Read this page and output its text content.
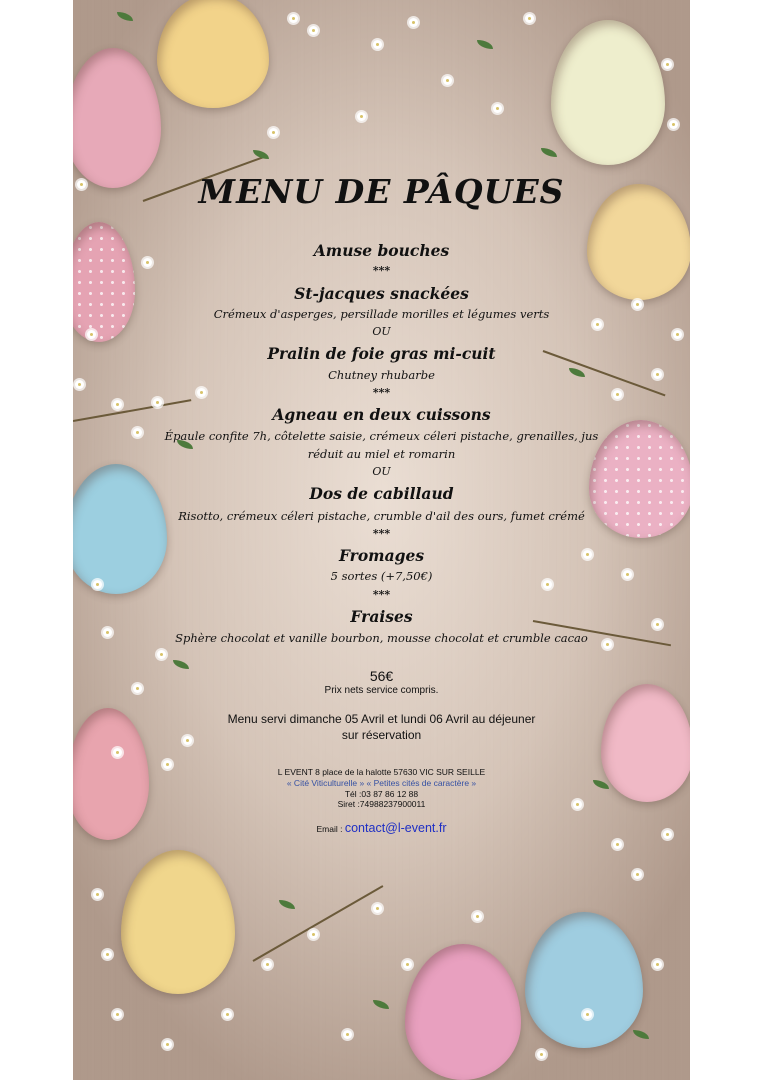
MENU DE PÂQUES
Amuse bouches
***
St-jacques snackées
Crémeux d'asperges, persillade morilles et légumes verts
OU
Pralin de foie gras mi-cuit
Chutney rhubarbe
***
Agneau en deux cuissons
Épaule confite 7h, côtelette saisie, crémeux céleri pistache, grenailles, jus
réduit au miel et romarin
OU
Dos de cabillaud
Risotto, crémeux céleri pistache, crumble d'ail des ours, fumet crémé
***
Fromages
5 sortes (+7,50€)
***
Fraises
Sphère chocolat et vanille bourbon, mousse chocolat et crumble cacao
56€
Prix nets service compris.
Menu servi dimanche 05 Avril et lundi 06 Avril au déjeuner
sur réservation
L EVENT 8 place de la halotte 57630 VIC SUR SEILLE
« Cité Viticulturelle » « Petites cités de caractère »
Tél :03 87 86 12 88
Siret :74988237900011
Email : contact@l-event.fr
